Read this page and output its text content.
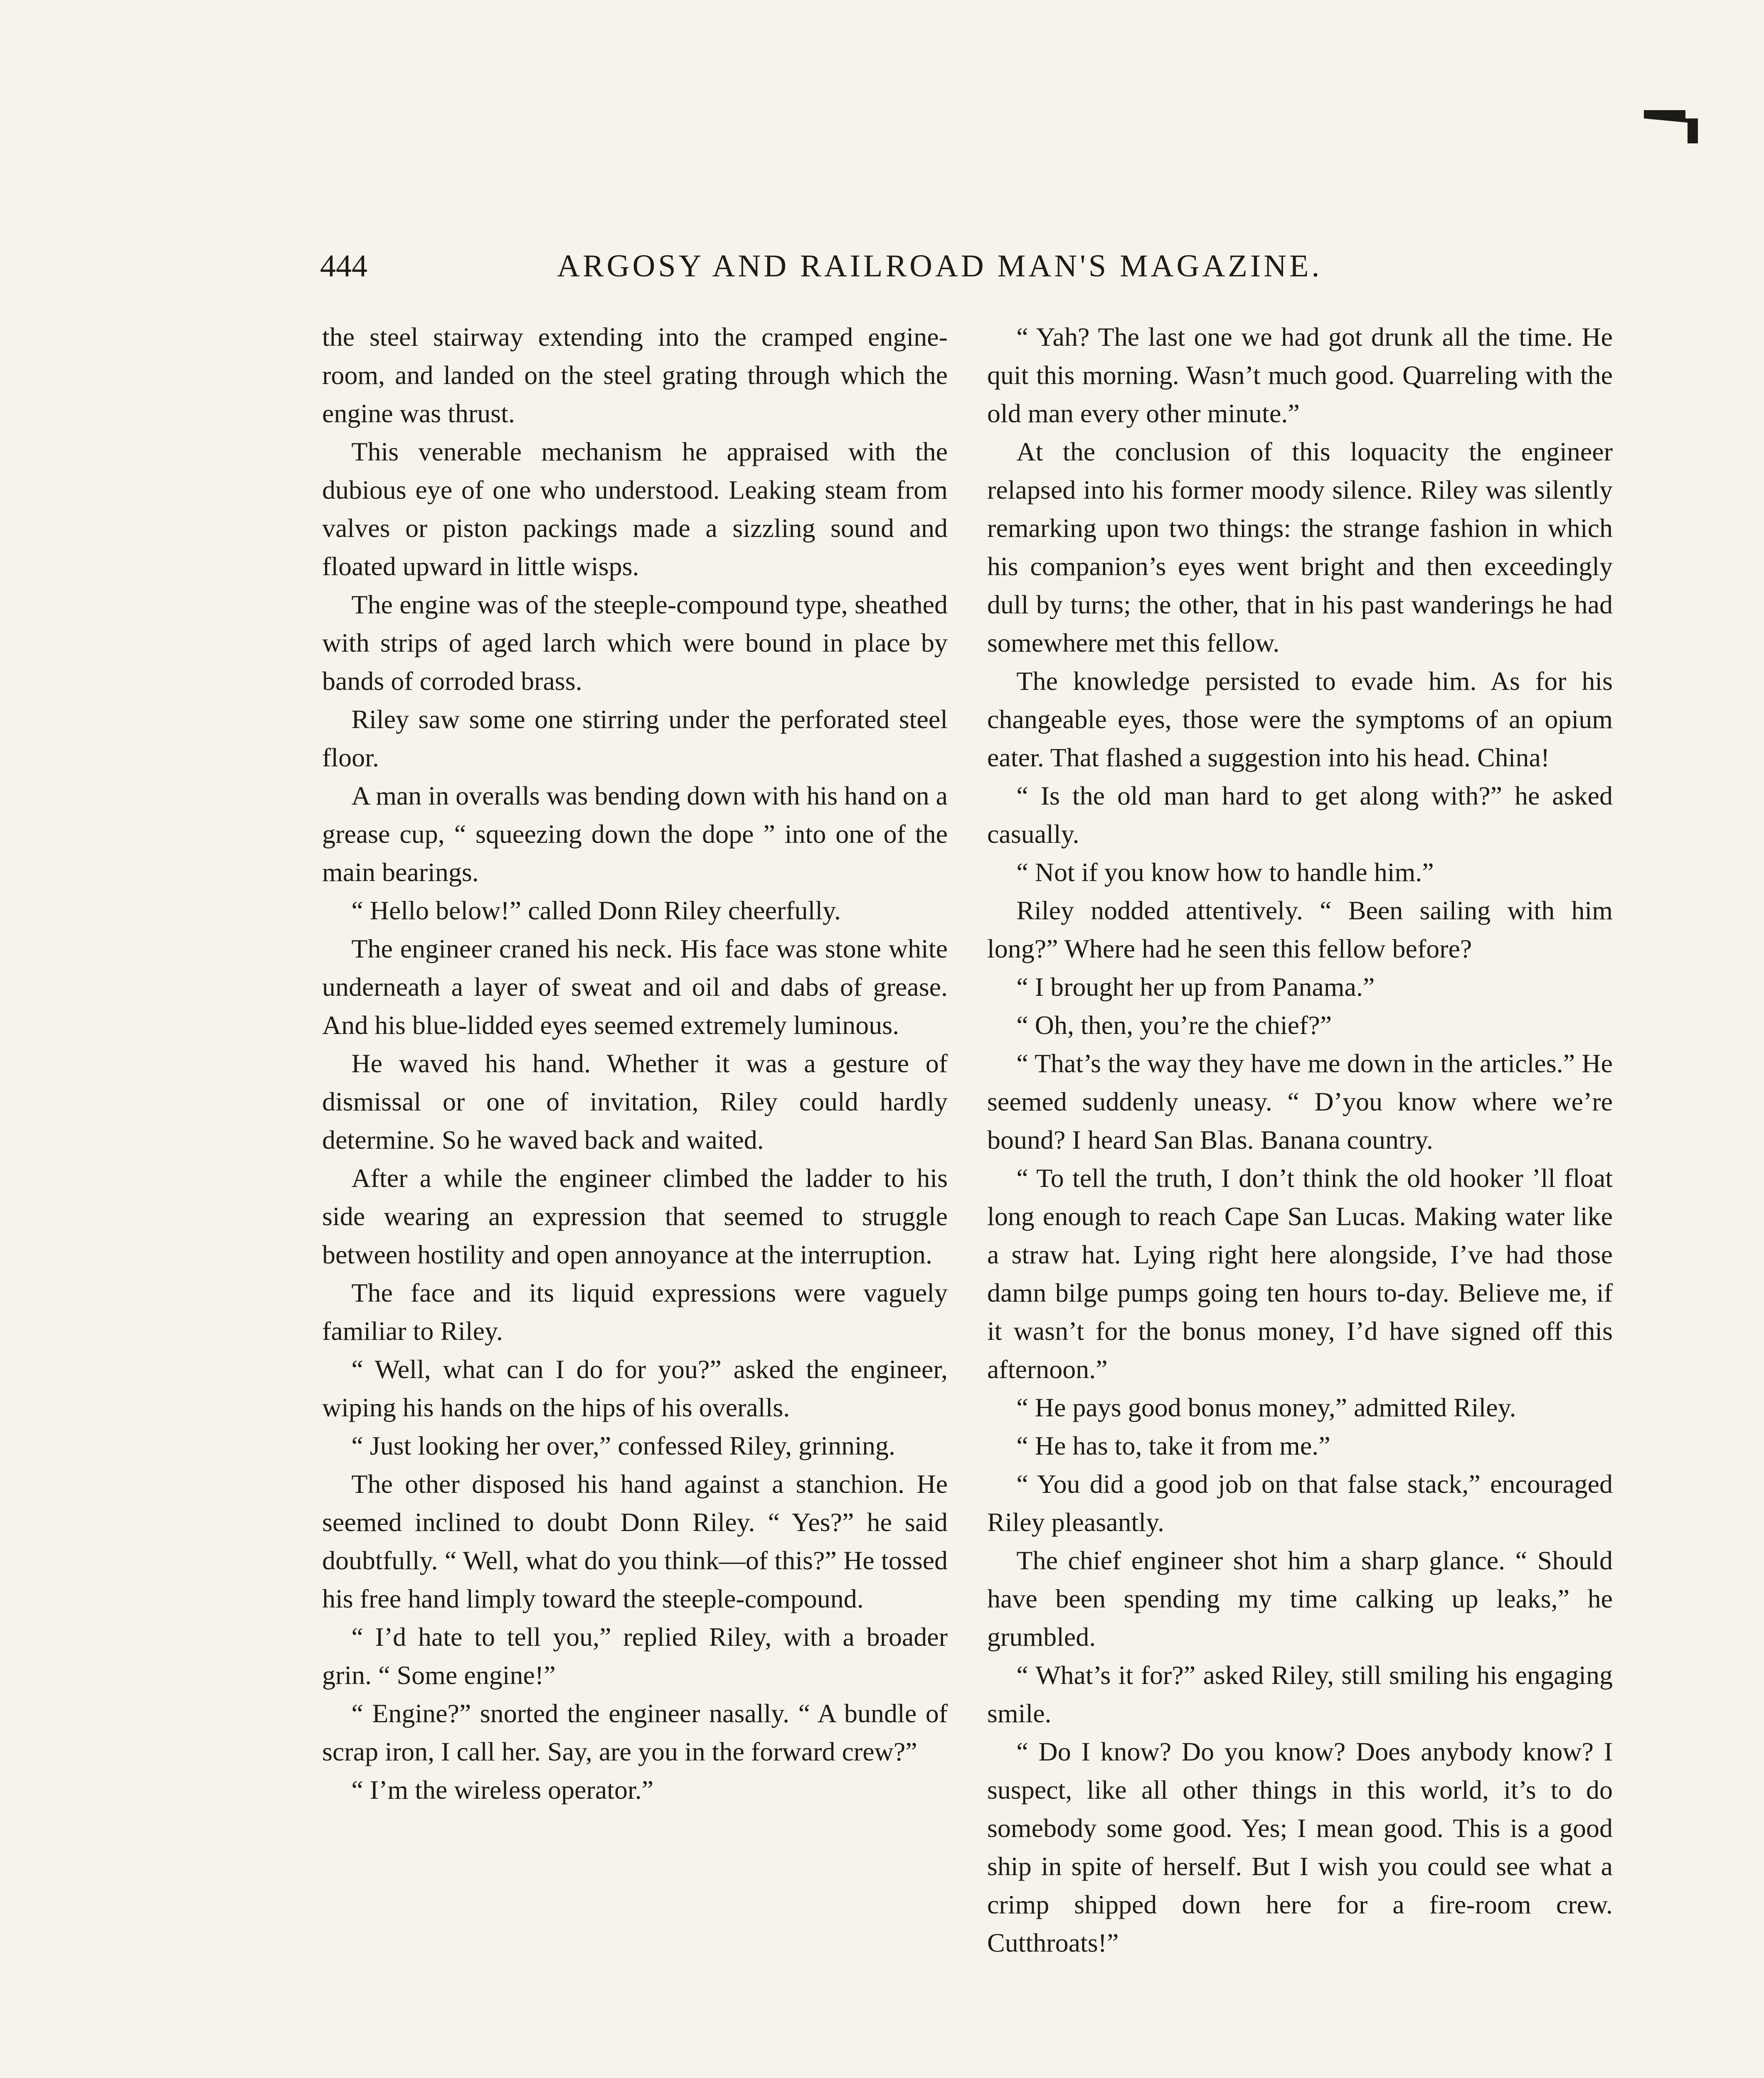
444	ARGOSY AND RAILROAD MAN'S MAGAZINE.

the steel stairway extending into the cramped engine-room, and landed on the steel grating through which the engine was thrust.

This venerable mechanism he appraised with the dubious eye of one who understood. Leaking steam from valves or piston packings made a sizzling sound and floated upward in little wisps.

The engine was of the steeple-compound type, sheathed with strips of aged larch which were bound in place by bands of corroded brass.

Riley saw some one stirring under the perforated steel floor.

A man in overalls was bending down with his hand on a grease cup, “ squeezing down the dope ” into one of the main bearings.

“ Hello below!” called Donn Riley cheerfully.

The engineer craned his neck. His face was stone white underneath a layer of sweat and oil and dabs of grease. And his blue-lidded eyes seemed extremely luminous.

He waved his hand. Whether it was a gesture of dismissal or one of invitation, Riley could hardly determine. So he waved back and waited.

After a while the engineer climbed the ladder to his side wearing an expression that seemed to struggle between hostility and open annoyance at the interruption.

The face and its liquid expressions were vaguely familiar to Riley.

“ Well, what can I do for you?” asked the engineer, wiping his hands on the hips of his overalls.

“ Just looking her over,” confessed Riley, grinning.

The other disposed his hand against a stanchion. He seemed inclined to doubt Donn Riley. “ Yes?” he said doubtfully. “ Well, what do you think—of this?” He tossed his free hand limply toward the steeple-compound.

“ I’d hate to tell you,” replied Riley, with a broader grin. “ Some engine!”

“ Engine?” snorted the engineer nasally. “ A bundle of scrap iron, I call her. Say, are you in the forward crew?”

“ I’m the wireless operator.”

“ Yah? The last one we had got drunk all the time. He quit this morning. Wasn’t much good. Quarreling with the old man every other minute.”

At the conclusion of this loquacity the engineer relapsed into his former moody silence. Riley was silently remarking upon two things: the strange fashion in which his companion’s eyes went bright and then exceedingly dull by turns; the other, that in his past wanderings he had somewhere met this fellow.

The knowledge persisted to evade him. As for his changeable eyes, those were the symptoms of an opium eater. That flashed a suggestion into his head. China!

“ Is the old man hard to get along with?” he asked casually.

“ Not if you know how to handle him.”

Riley nodded attentively. “ Been sailing with him long?” Where had he seen this fellow before?

“ I brought her up from Panama.”

“ Oh, then, you’re the chief?”

“ That’s the way they have me down in the articles.” He seemed suddenly uneasy. “ D’you know where we’re bound? I heard San Blas. Banana country.

“ To tell the truth, I don’t think the old hooker ’ll float long enough to reach Cape San Lucas. Making water like a straw hat. Lying right here alongside, I’ve had those damn bilge pumps going ten hours to-day. Believe me, if it wasn’t for the bonus money, I’d have signed off this afternoon.”

“ He pays good bonus money,” admitted Riley.

“ He has to, take it from me.”

“ You did a good job on that false stack,” encouraged Riley pleasantly.

The chief engineer shot him a sharp glance. “ Should have been spending my time calking up leaks,” he grumbled.

“ What’s it for?” asked Riley, still smiling his engaging smile.

“ Do I know? Do you know? Does anybody know? I suspect, like all other things in this world, it’s to do somebody some good. Yes; I mean good. This is a good ship in spite of herself. But I wish you could see what a crimp shipped down here for a fire-room crew. Cutthroats!”
